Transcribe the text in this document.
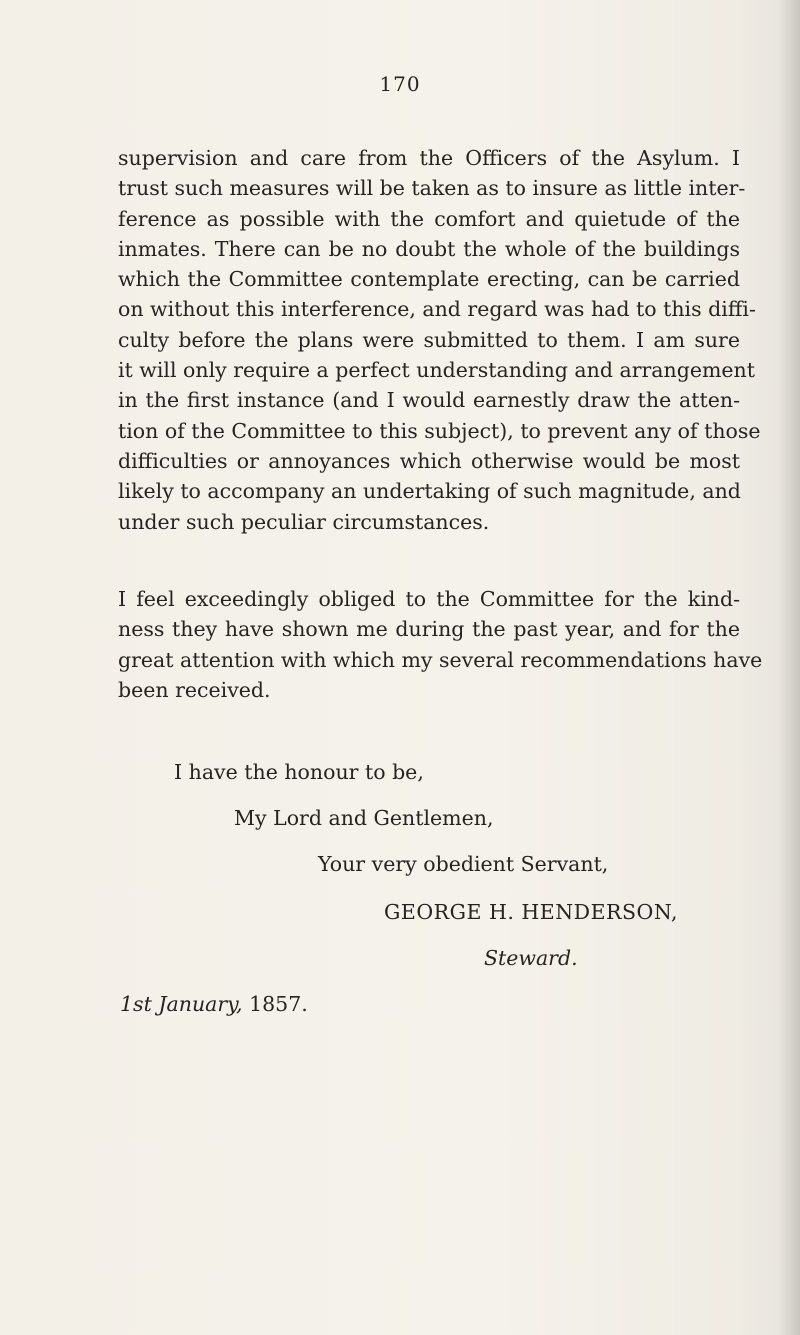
170
supervision and care from the Officers of the Asylum. I
trust such measures will be taken as to insure as little inter-
ference as possible with the comfort and quietude of the
inmates. There can be no doubt the whole of the buildings
which the Committee contemplate erecting, can be carried
on without this interference, and regard was had to this diffi-
culty before the plans were submitted to them. I am sure
it will only require a perfect understanding and arrangement
in the first instance (and I would earnestly draw the atten-
tion of the Committee to this subject), to prevent any of those
difficulties or annoyances which otherwise would be most
likely to accompany an undertaking of such magnitude, and
under such peculiar circumstances.
I feel exceedingly obliged to the Committee for the kind-
ness they have shown me during the past year, and for the
great attention with which my several recommendations have
been received.
I have the honour to be,
My Lord and Gentlemen,
Your very obedient Servant,
GEORGE H. HENDERSON,
Steward.
1st January, 1857.
